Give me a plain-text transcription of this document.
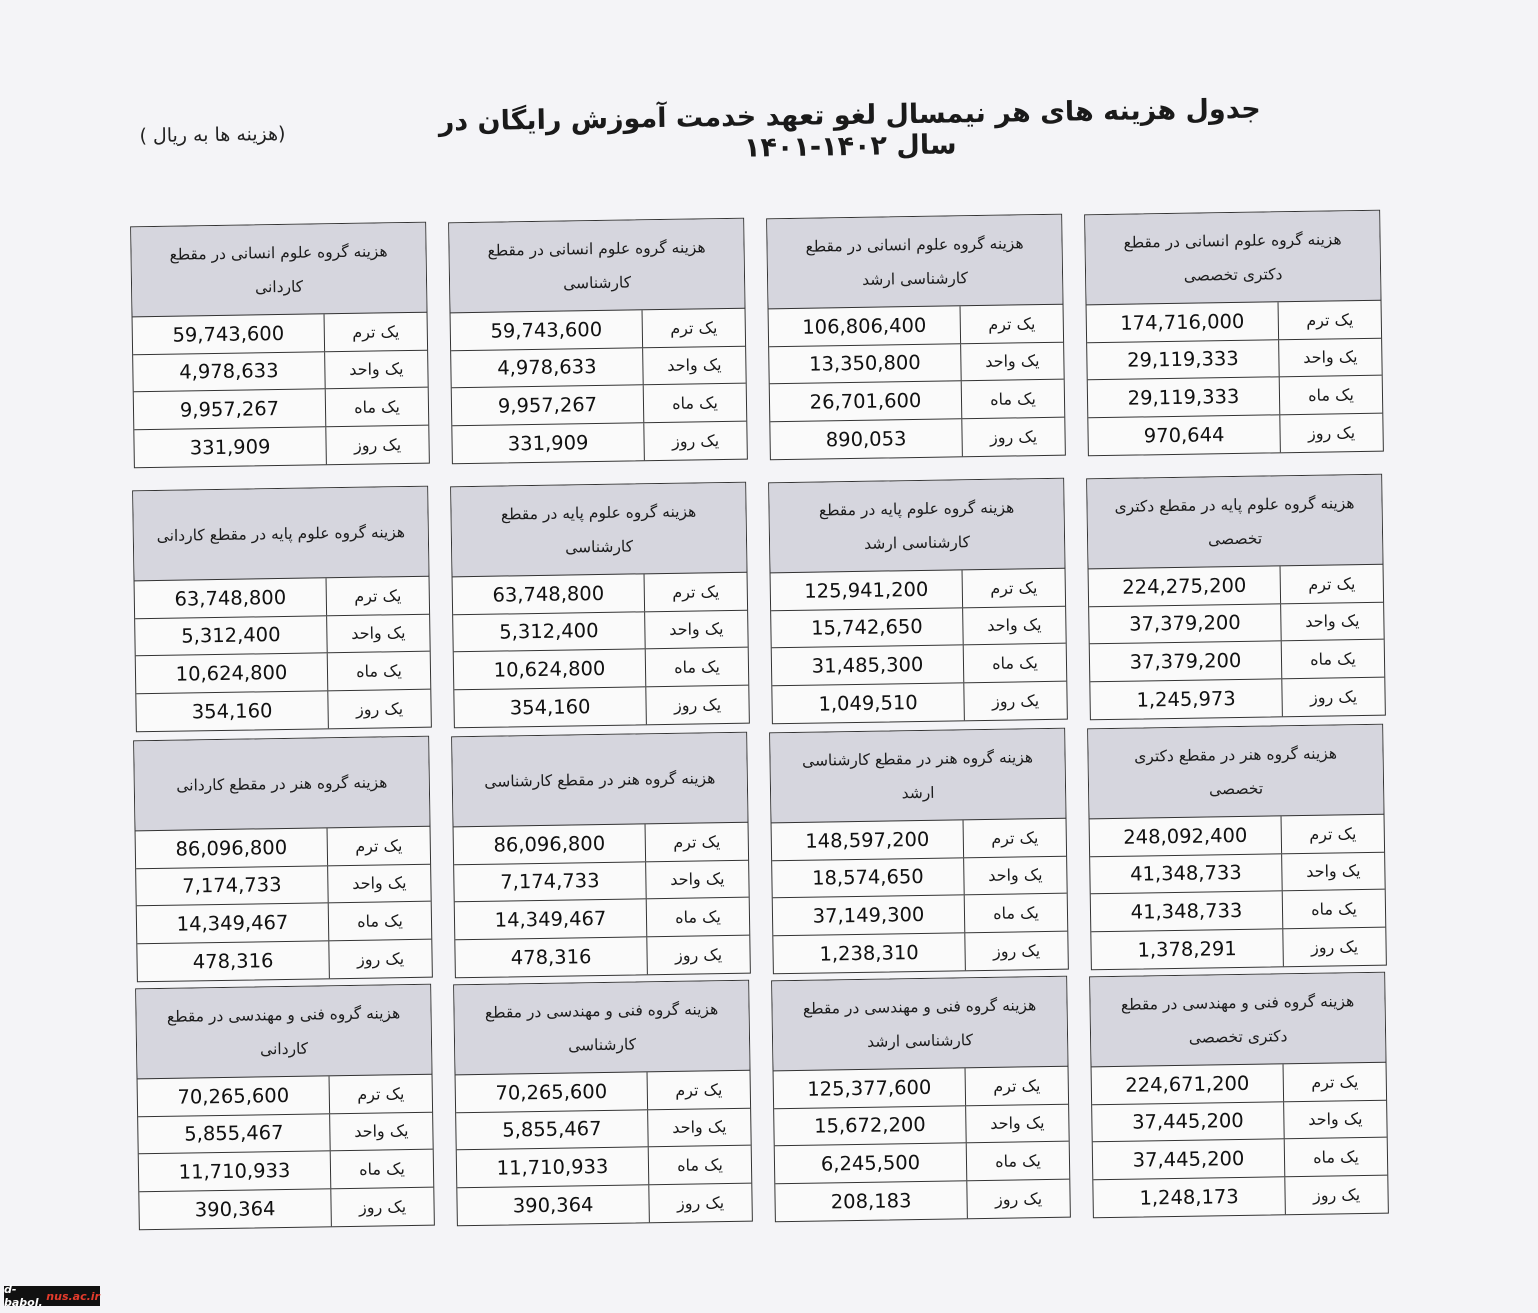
جدول هزینه های هر نیمسال لغو تعهد خدمت آموزش رایگان در سال ۱۴۰۲-۱۴۰۱
(هزینه ها به ریال )
هزینه گروه علوم انسانی در مقطع دکتری تخصصی
174,716,000	یک ترم
29,119,333	یک واحد
29,119,333	یک ماه
970,644	یک روز
هزینه گروه علوم انسانی در مقطع کارشناسی ارشد
106,806,400	یک ترم
13,350,800	یک واحد
26,701,600	یک ماه
890,053	یک روز
هزینه گروه علوم انسانی در مقطع کارشناسی
59,743,600	یک ترم
4,978,633	یک واحد
9,957,267	یک ماه
331,909	یک روز
هزینه گروه علوم انسانی در مقطع کاردانی
59,743,600	یک ترم
4,978,633	یک واحد
9,957,267	یک ماه
331,909	یک روز
هزینه گروه علوم پایه در مقطع دکتری تخصصی
224,275,200	یک ترم
37,379,200	یک واحد
37,379,200	یک ماه
1,245,973	یک روز
هزینه گروه علوم پایه در مقطع کارشناسی ارشد
125,941,200	یک ترم
15,742,650	یک واحد
31,485,300	یک ماه
1,049,510	یک روز
هزینه گروه علوم پایه در مقطع کارشناسی
63,748,800	یک ترم
5,312,400	یک واحد
10,624,800	یک ماه
354,160	یک روز
هزینه گروه علوم پایه در مقطع کاردانی
63,748,800	یک ترم
5,312,400	یک واحد
10,624,800	یک ماه
354,160	یک روز
هزینه گروه هنر در مقطع دکتری تخصصی
248,092,400	یک ترم
41,348,733	یک واحد
41,348,733	یک ماه
1,378,291	یک روز
هزینه گروه هنر در مقطع کارشناسی ارشد
148,597,200	یک ترم
18,574,650	یک واحد
37,149,300	یک ماه
1,238,310	یک روز
هزینه گروه هنر در مقطع کارشناسی
86,096,800	یک ترم
7,174,733	یک واحد
14,349,467	یک ماه
478,316	یک روز
هزینه گروه هنر در مقطع کاردانی
86,096,800	یک ترم
7,174,733	یک واحد
14,349,467	یک ماه
478,316	یک روز
هزینه گروه فنی و مهندسی در مقطع دکتری تخصصی
224,671,200	یک ترم
37,445,200	یک واحد
37,445,200	یک ماه
1,248,173	یک روز
هزینه گروه فنی و مهندسی در مقطع کارشناسی ارشد
125,377,600	یک ترم
15,672,200	یک واحد
6,245,500	یک ماه
208,183	یک روز
هزینه گروه فنی و مهندسی در مقطع کارشناسی
70,265,600	یک ترم
5,855,467	یک واحد
11,710,933	یک ماه
390,364	یک روز
هزینه گروه فنی و مهندسی در مقطع کاردانی
70,265,600	یک ترم
5,855,467	یک واحد
11,710,933	یک ماه
390,364	یک روز
d-babol. nus.ac.ir
